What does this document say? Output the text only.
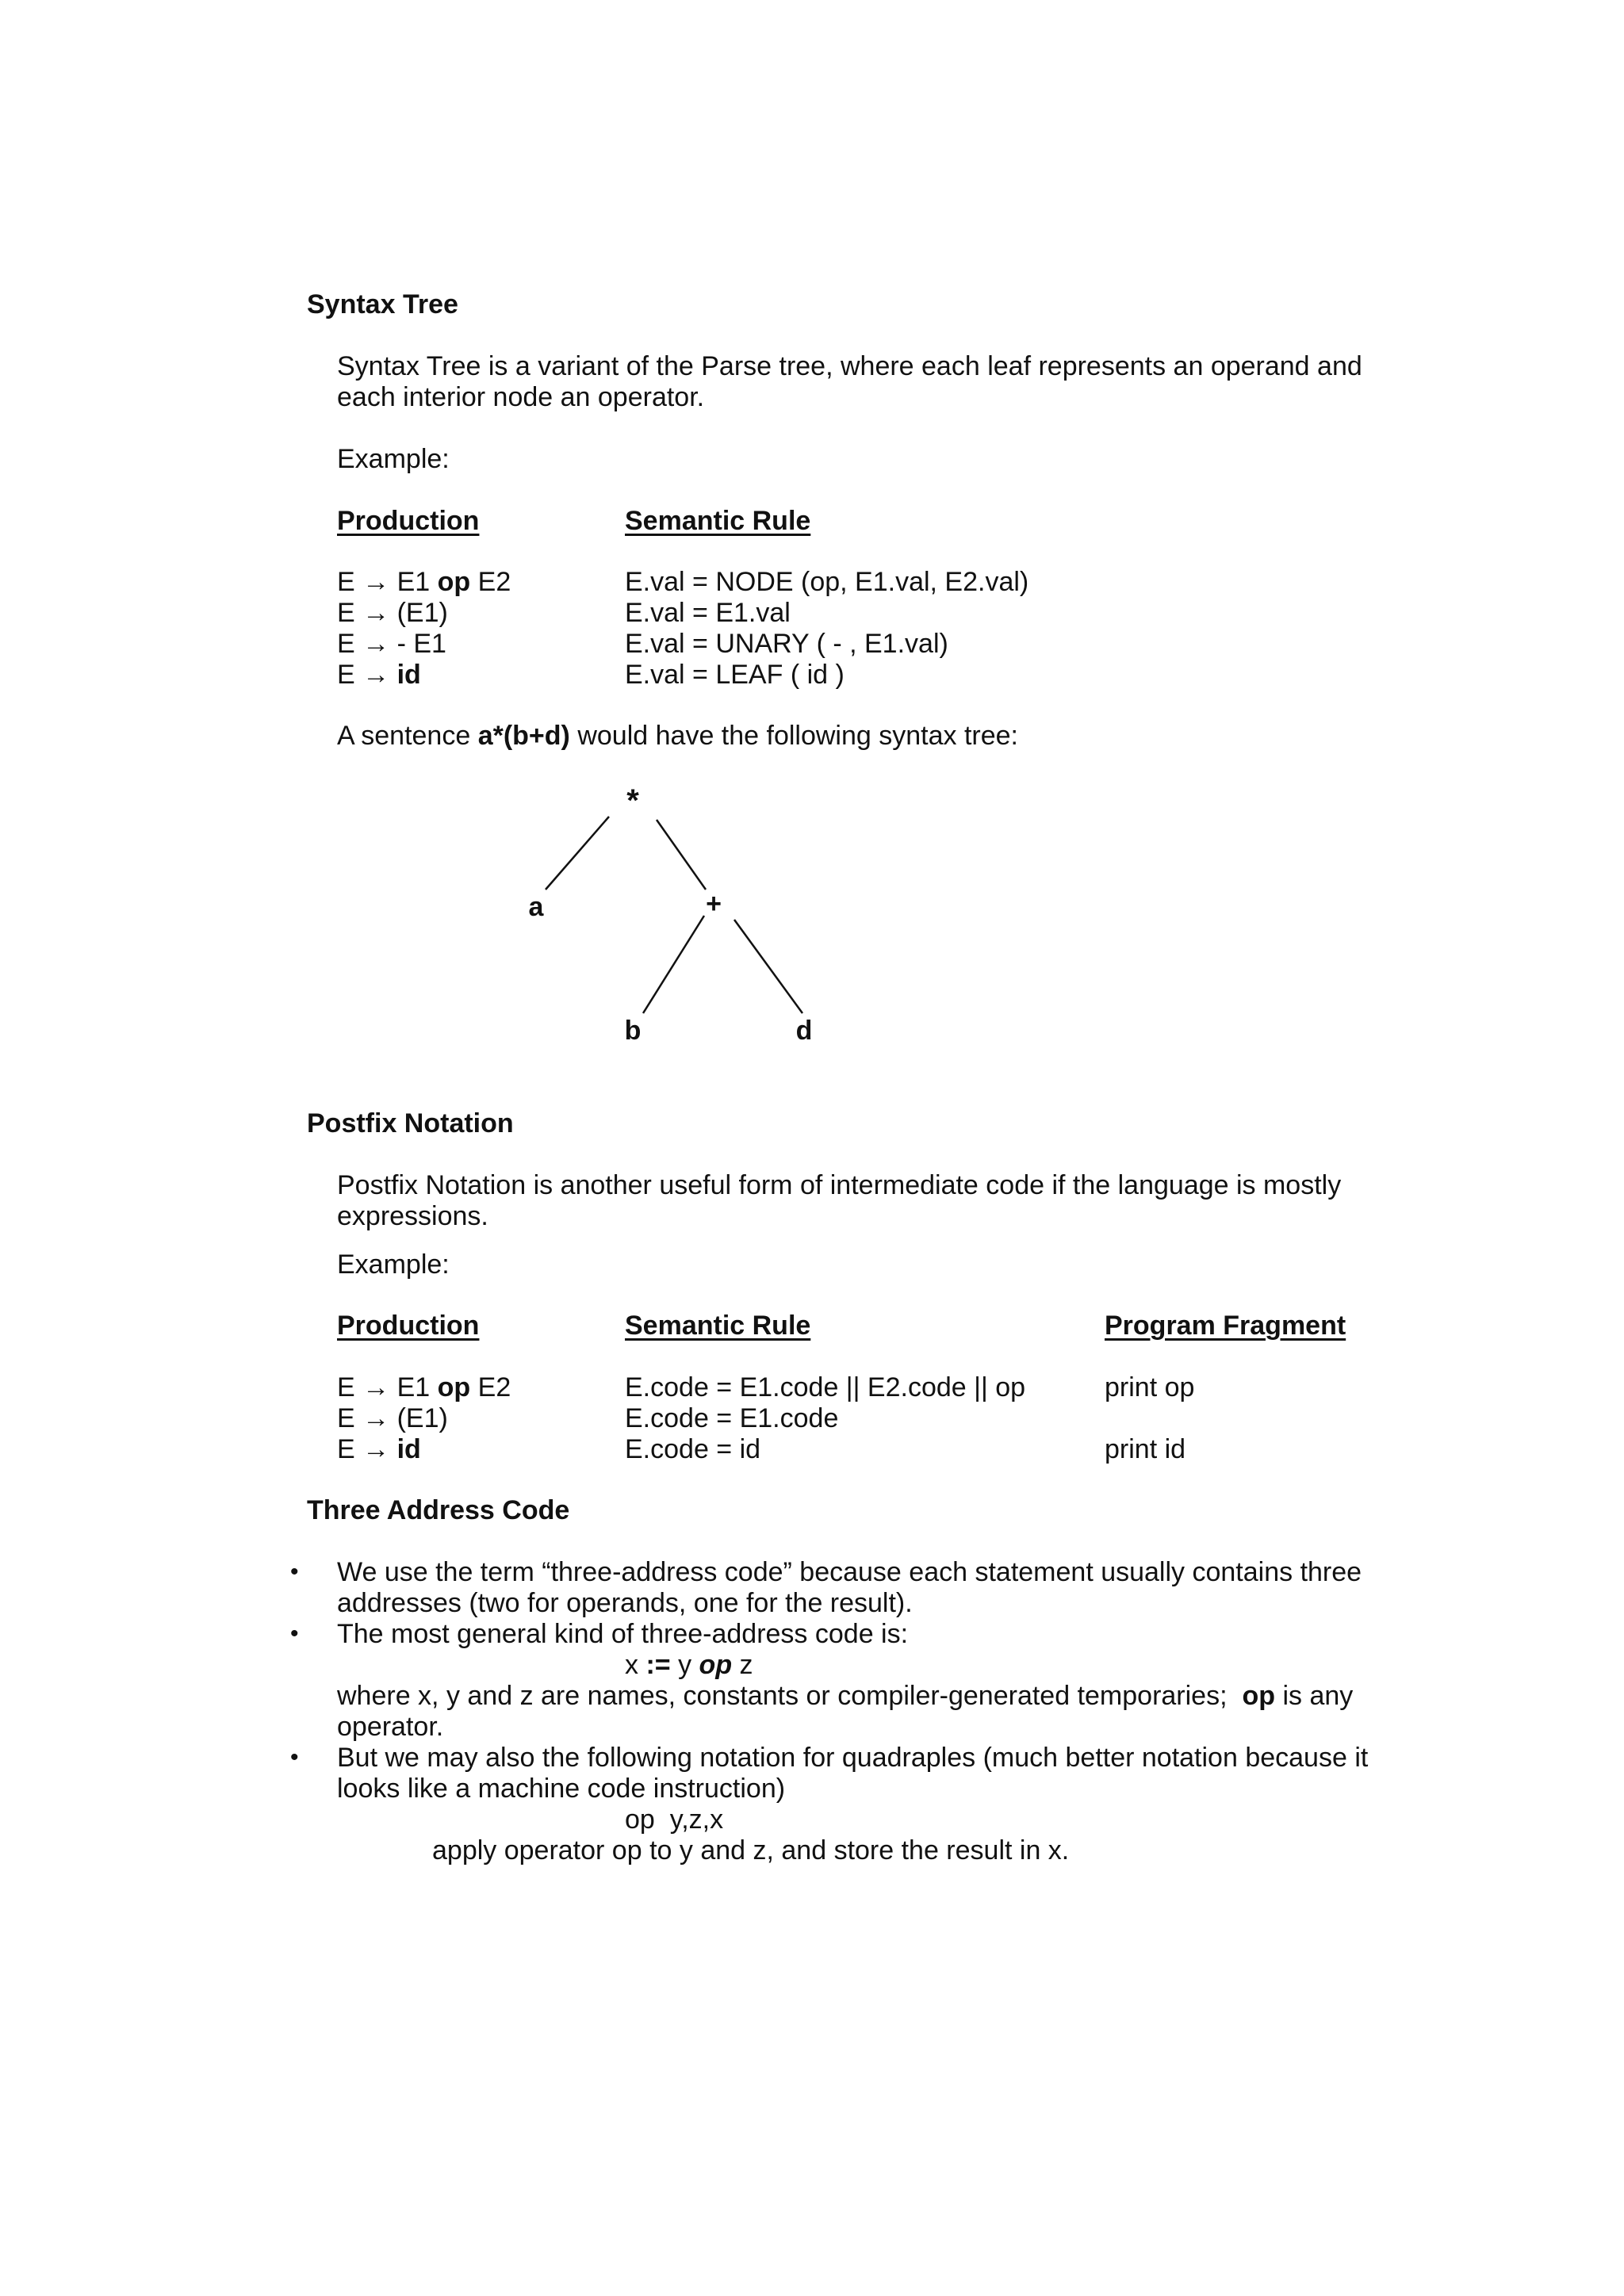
Syntax Tree
Syntax Tree is a variant of the Parse tree, where each leaf represents an operand and
each interior node an operator.
Example:
Production	Semantic Rule
E → E1 op E2	E.val = NODE (op, E1.val, E2.val)
E → (E1)	E.val = E1.val
E → - E1	E.val = UNARY ( - , E1.val)
E → id	E.val = LEAF ( id )
A sentence a*(b+d) would have the following syntax tree:
*
a	+
b	d
Postfix Notation
Postfix Notation is another useful form of intermediate code if the language is mostly
expressions.
Example:
Production	Semantic Rule	Program Fragment
E → E1 op E2	E.code = E1.code || E2.code || op	print op
E → (E1)	E.code = E1.code
E → id	E.code = id	print id
Three Address Code
• We use the term “three-address code” because each statement usually contains three
addresses (two for operands, one for the result).
• The most general kind of three-address code is:
x := y op z
where x, y and z are names, constants or compiler-generated temporaries; op is any
operator.
• But we may also the following notation for quadraples (much better notation because it
looks like a machine code instruction)
op  y,z,x
apply operator op to y and z, and store the result in x.
